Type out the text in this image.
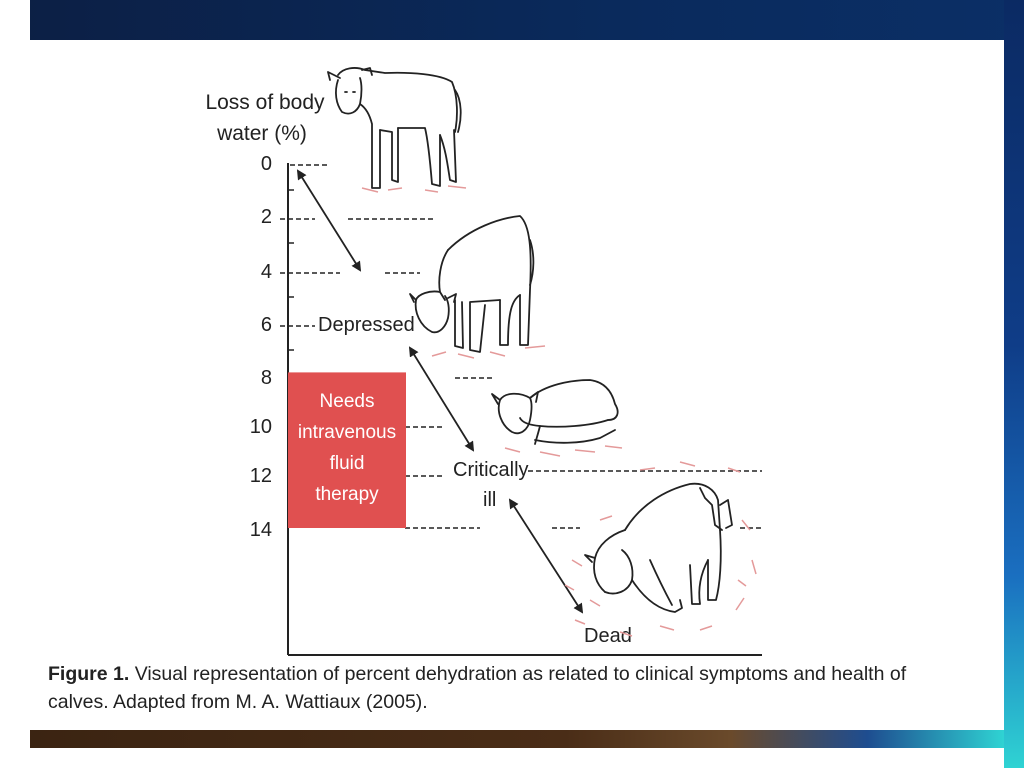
Loss of body
water (%)
0
2
4
6
8
10
12
14
Needs
intravenous
fluid
therapy
Depressed
Critically
ill
Dead
Figure 1. Visual representation of percent dehydration as related to clinical symptoms and health of calves. Adapted from M. A. Wattiaux (2005).
